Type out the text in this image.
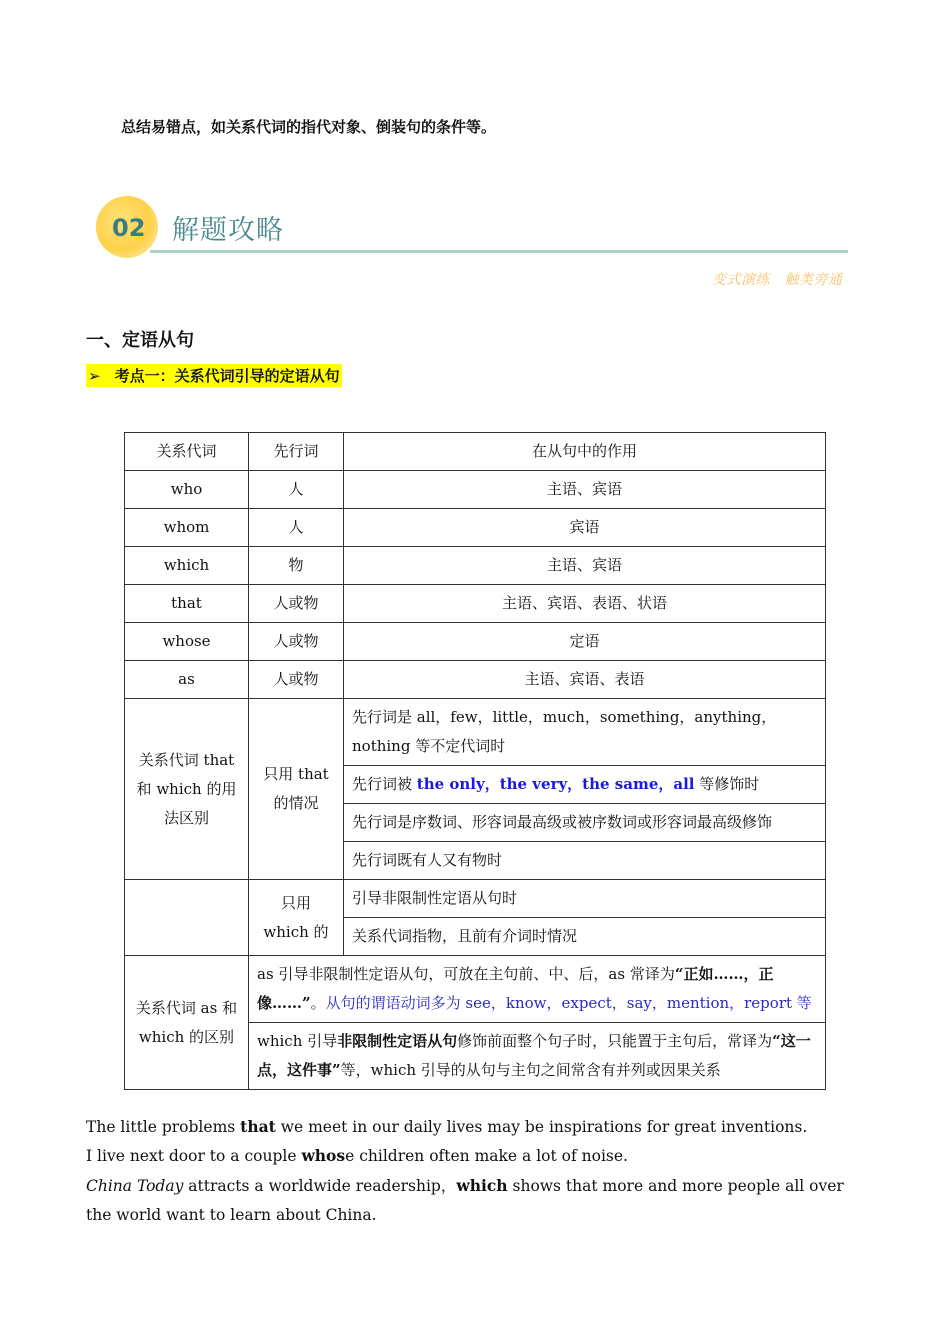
总结易错点，如关系代词的指代对象、倒装句的条件等。
02 解题攻略
变式演练　触类旁通
一、定语从句
➢ 考点一：关系代词引导的定语从句
关系代词	先行词	在从句中的作用
who	人	主语、宾语
whom	人	宾语
which	物	主语、宾语
that	人或物	主语、宾语、表语、状语
whose	人或物	定语
as	人或物	主语、宾语、表语
关系代词 that 和 which 的用法区别	只用 that 的情况	先行词是 all，few，little，much，something，anything，nothing 等不定代词时
		先行词被 the only，the very，the same，all 等修饰时
		先行词是序数词、形容词最高级或被序数词或形容词最高级修饰
		先行词既有人又有物时
	只用 which 的	引导非限制性定语从句时
		关系代词指物，且前有介词时情况
关系代词 as 和 which 的区别	as 引导非限制性定语从句，可放在主句前、中、后，as 常译为“正如……，正像……”。从句的谓语动词多为 see，know，expect，say，mention，report 等	
	which 引导非限制性定语从句修饰前面整个句子时，只能置于主句后，常译为“这一点，这件事”等，which 引导的从句与主句之间常含有并列或因果关系	
The little problems that we meet in our daily lives may be inspirations for great inventions.
I live next door to a couple whose children often make a lot of noise.
China Today attracts a worldwide readership，which shows that more and more people all over the world want to learn about China.
